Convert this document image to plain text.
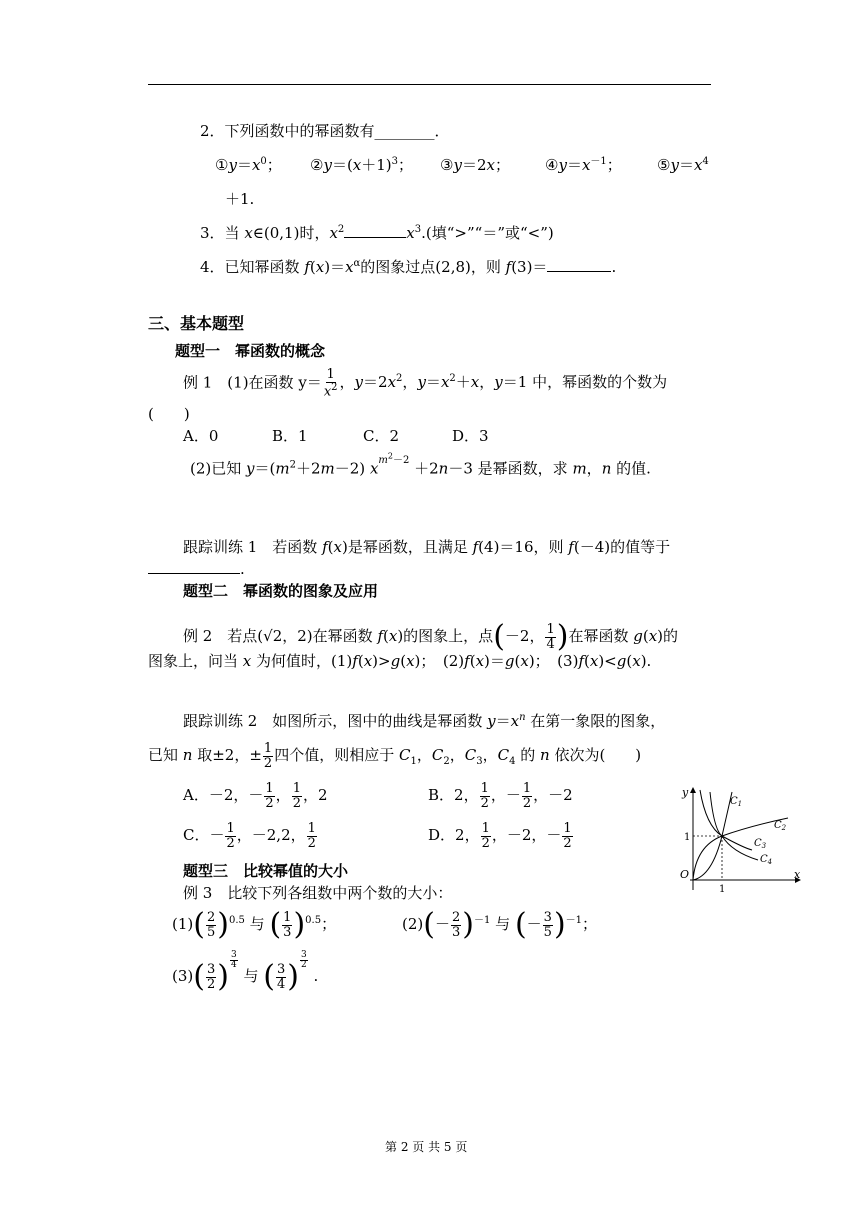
2．下列函数中的幂函数有________．
$①y=x^0$； $②y=(x+1)^3$； ③y＝2x； $④y=x^{-1}$； $⑤y=x^4$
＋1.
3．当 x∈(0,1)时，$x^2$	$x^3$.(填“>”“＝”或“<”)
4．已知幂函数 $f(x)=x^\alpha$的图象过点(2,8)，则 f(3)＝	.
三、基本题型
题型一　幂函数的概念
例 1　(1)在函数 $y= \frac{1}{x^2}$ ，$y=2x^2$，$y=x^2+x$，y＝1 中，幂函数的个数为
(　　)
A．0	B．1	C．2	D．3
(2)已知 $y=(m^2+2m-2)$ $x^{m^2-2} +2n-3$ 是幂函数，求 m，n 的值.
跟踪训练 1　若函数 f(x)是幂函数，且满足 f(4)＝16，则 f(－4)的值等于
.
题型二　幂函数的图象及应用
例 2　若点(√2，2)在幂函数 f(x)的图象上，点(－2， $\frac{1}{4}$ )在幂函数 g(x)的
图象上，问当 x 为何值时，(1)f(x)>g(x)；　(2)f(x)＝g(x)；　(3)f(x)<g(x).
跟踪训练 2　如图所示，图中的曲线是幂函数 $y=x^n$ 在第一象限的图象，
已知 n 取±2，± $\frac{1}{2}$ 四个值，则相应于 $C_1$，$C_2$，$C_3$，$C_4$ 的 n 依次为(　　)
A．－2，－ $\frac{1}{2}$ ， $\frac{1}{2}$ ，2	B．2， $\frac{1}{2}$ ，－ $\frac{1}{2}$ ，－2
C．－ $\frac{1}{2}$ ，－2,2， $\frac{1}{2}$	D．2， $\frac{1}{2}$ ，－2，－ $\frac{1}{2}$
y
x
O
1
1
$C_1$
$C_2$
$C_3$
$C_4$
题型三　比较幂值的大小
例 3　比较下列各组数中两个数的大小：
$(1)( \frac{2}{5} )^{0.5}$ 与 ( $\frac{1}{3} )^{0.5}$；	$(2)(- \frac{2}{3} )^{-1}$ 与 (－ $\frac{3}{5} )^{-1}$；
$(3)( \frac{3}{2}$ ) $^{\frac{3}{4}}$
与 ( $\frac{3}{4}$ ) $^{\frac{3}{2}}$
.
第 2 页 共 5 页
